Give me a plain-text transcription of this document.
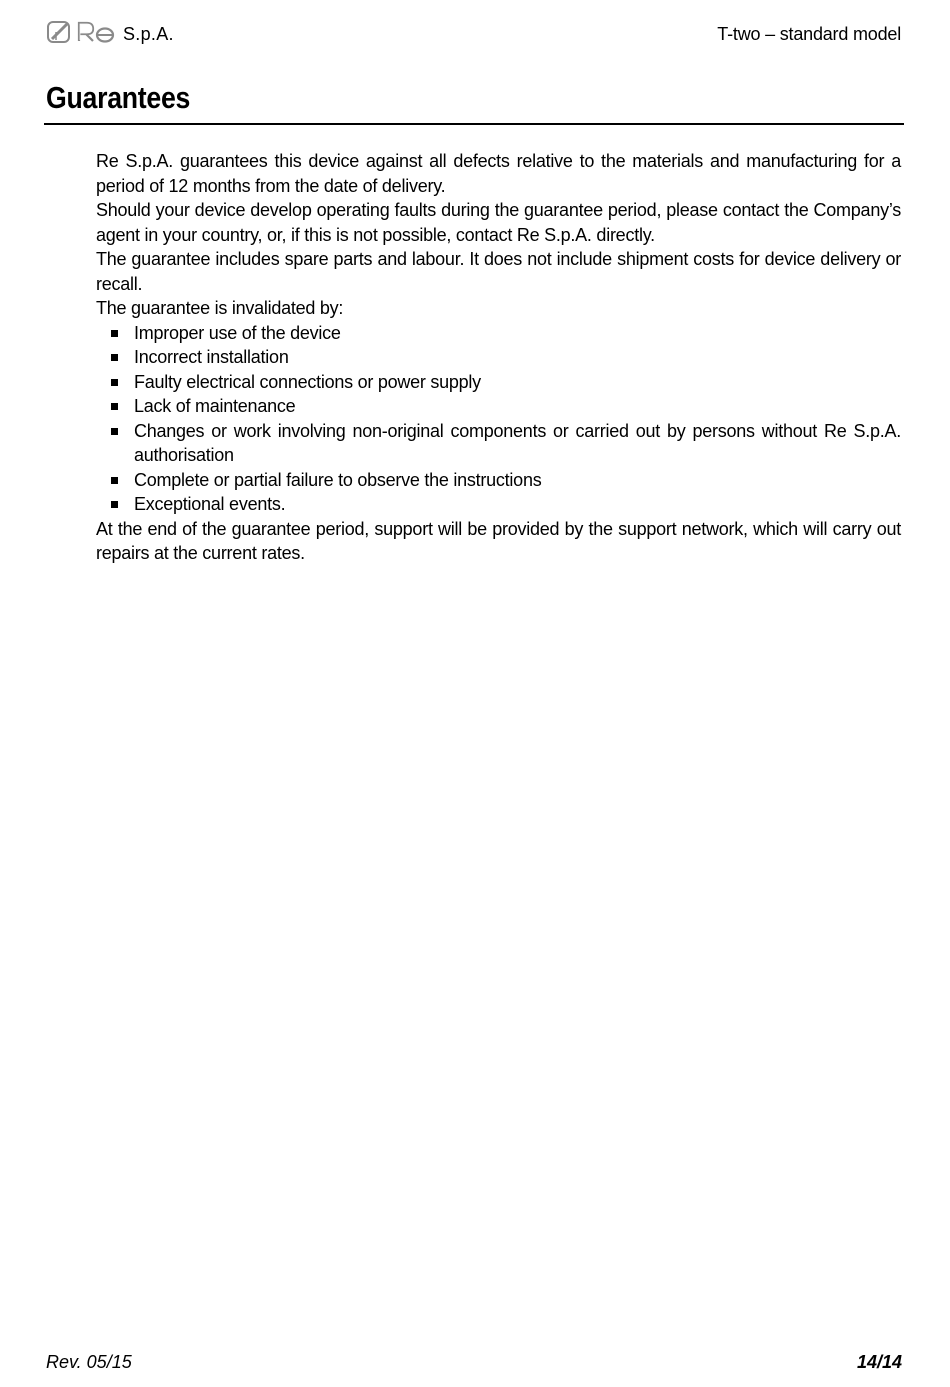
S.p.A.	T-two – standard model
Guarantees

Re S.p.A. guarantees this device against all defects relative to the materials and manufacturing for a period of 12 months from the date of delivery.

Should your device develop operating faults during the guarantee period, please contact the Company’s agent in your country, or, if this is not possible, contact Re S.p.A. directly.

The guarantee includes spare parts and labour. It does not include shipment costs for device delivery or recall.

The guarantee is invalidated by:

Improper use of the device
Incorrect installation
Faulty electrical connections or power supply
Lack of maintenance
Changes or work involving non-original components or carried out by persons without Re S.p.A. authorisation
Complete or partial failure to observe the instructions
Exceptional events.

At the end of the guarantee period, support will be provided by the support network, which will carry out repairs at the current rates.

Rev. 05/15	14/14
